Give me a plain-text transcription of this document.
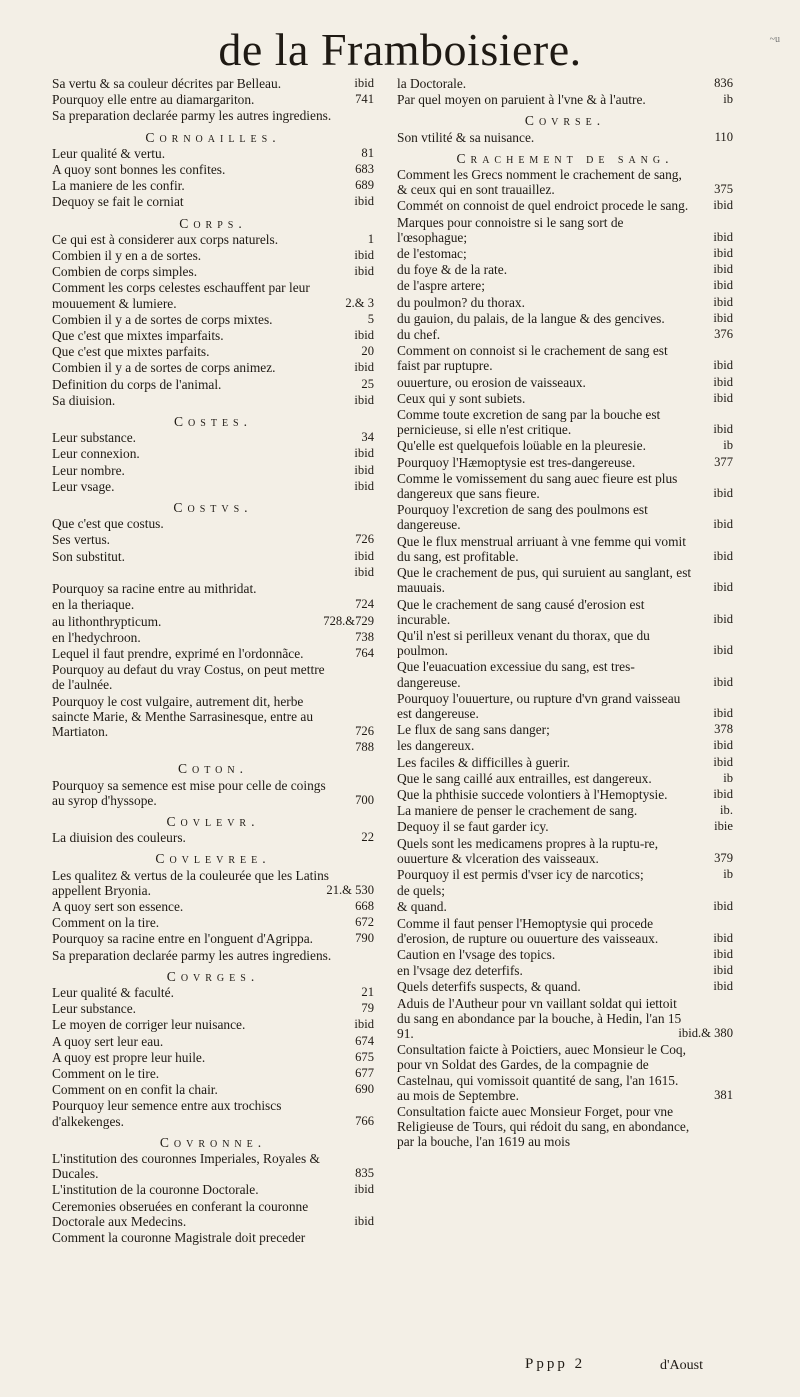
de la Framboisiere.	~u
Sa vertu & sa couleur décrites par Belleau.	ibid
Pourquoy elle entre au diamargariton.	741
Sa preparation declarée parmy les autres ingrediens.
Cornoailles.
Leur qualité & vertu.	81
A quoy sont bonnes les confites.	683
La maniere de les confir.	689
Dequoy se fait le corniat	ibid
Corps.
Ce qui est à considerer aux corps naturels.	1
Combien il y en a de sortes.	ibid
Combien de corps simples.	ibid
Comment les corps celestes eschauffent par leur mouuement & lumiere.	2.& 3
Combien il y a de sortes de corps mixtes.	5
Que c'est que mixtes imparfaits.	ibid
Que c'est que mixtes parfaits.	20
Combien il y a de sortes de corps animez.	ibid
Definition du corps de l'animal.	25
Sa diuision.	ibid
Costes.
Leur substance.	34
Leur connexion.	ibid
Leur nombre.	ibid
Leur vsage.	ibid
Costvs.
Que c'est que costus.
Ses vertus.	726
Son substitut.	ibid

ibid
Pourquoy sa racine entre au mithridat.
en la theriaque.	724
au lithonthrypticum.	728.&729
en l'hedychroon.	738
Lequel il faut prendre, exprimé en l'ordonnãce.	764
Pourquoy au defaut du vray Costus, on peut mettre de l'aulnée.
Pourquoy le cost vulgaire, autrement dit, herbe saincte Marie, & Menthe Sarrasinesque, entre au Martiaton.	726

788
Coton.
Pourquoy sa semence est mise pour celle de coings au syrop d'hyssope.	700
Covlevr.
La diuision des couleurs.	22
Covlevree.
Les qualitez & vertus de la couleurée que les Latins appellent Bryonia.	21.& 530
A quoy sert son essence.	668
Comment on la tire.	672
Pourquoy sa racine entre en l'onguent d'Agrippa.	790
Sa preparation declarée parmy les autres ingrediens.
Covrges.
Leur qualité & faculté.	21
Leur substance.	79
Le moyen de corriger leur nuisance.	ibid
A quoy sert leur eau.	674
A quoy est propre leur huile.	675
Comment on le tire.	677
Comment on en confit la chair.	690
Pourquoy leur semence entre aux trochiscs d'alkekenges.	766
Covronne.
L'institution des couronnes Imperiales, Royales & Ducales.	835
L'institution de la couronne Doctorale.	ibid
Ceremonies obseruées en conferant la couronne Doctorale aux Medecins.	ibid
Comment la couronne Magistrale doit preceder
la Doctorale.	836
Par quel moyen on paruient à l'vne & à l'autre.	ib
Covrse.
Son vtilité & sa nuisance.	110
Crachement de sang.
Comment les Grecs nomment le crachement de sang, & ceux qui en sont trauaillez.	375
Commét on connoist de quel endroict procede le sang.	ibid
Marques pour connoistre si le sang sort de l'œsophague;	ibid
de l'estomac;	ibid
du foye & de la rate.	ibid
de l'aspre artere;	ibid
du poulmon? du thorax.	ibid
du gauion, du palais, de la langue & des gencives.	ibid
du chef.	376
Comment on connoist si le crachement de sang est faist par ruptupre.	ibid
ouuerture, ou erosion de vaisseaux.	ibid
Ceux qui y sont subiets.	ibid
Comme toute excretion de sang par la bouche est pernicieuse, si elle n'est critique.	ibid
Qu'elle est quelquefois loüable en la pleuresie.	ib
Pourquoy l'Hæmoptysie est tres-dangereuse.	377
Comme le vomissement du sang auec fieure est plus dangereux que sans fieure.	ibid
Pourquoy l'excretion de sang des poulmons est dangereuse.	ibid
Que le flux menstrual arriuant à vne femme qui vomit du sang, est profitable.	ibid
Que le crachement de pus, qui suruient au sanglant, est mauuais.	ibid
Que le crachement de sang causé d'erosion est incurable.	ibid
Qu'il n'est si perilleux venant du thorax, que du poulmon.	ibid
Que l'euacuation excessiue du sang, est tres-dangereuse.	ibid
Pourquoy l'ouuerture, ou rupture d'vn grand vaisseau est dangereuse.	ibid
Le flux de sang sans danger;	378
les dangereux.	ibid
Les faciles & difficilles à guerir.	ibid
Que le sang caillé aux entrailles, est dangereux.	ib
Que la phthisie succede volontiers à l'Hemoptysie.	ibid
La maniere de penser le crachement de sang.	ib.
Dequoy il se faut garder icy.	ibie
Quels sont les medicamens propres à la ruptu-re, ouuerture & vlceration des vaisseaux.	379
Pourquoy il est permis d'vser icy de narcotics;	ib
de quels;
& quand.	ibid
Comme il faut penser l'Hemoptysie qui procede d'erosion, de rupture ou ouuerture des vaisseaux.	ibid
Caution en l'vsage des topics.	ibid
en l'vsage dez deterfifs.	ibid
Quels deterfifs suspects, & quand.	ibid
Aduis de l'Autheur pour vn vaillant soldat qui iettoit du sang en abondance par la bouche, à Hedin, l'an 15 91.	ibid.& 380
Consultation faicte à Poictiers, auec Monsieur le Coq, pour vn Soldat des Gardes, de la compagnie de Castelnau, qui vomissoit quantité de sang, l'an 1615. au mois de Septembre.	381
Consultation faicte auec Monsieur Forget, pour vne Religieuse de Tours, qui rédoit du sang, en abondance, par la bouche, l'an 1619 au mois
Pppp 2	d'Aoust
